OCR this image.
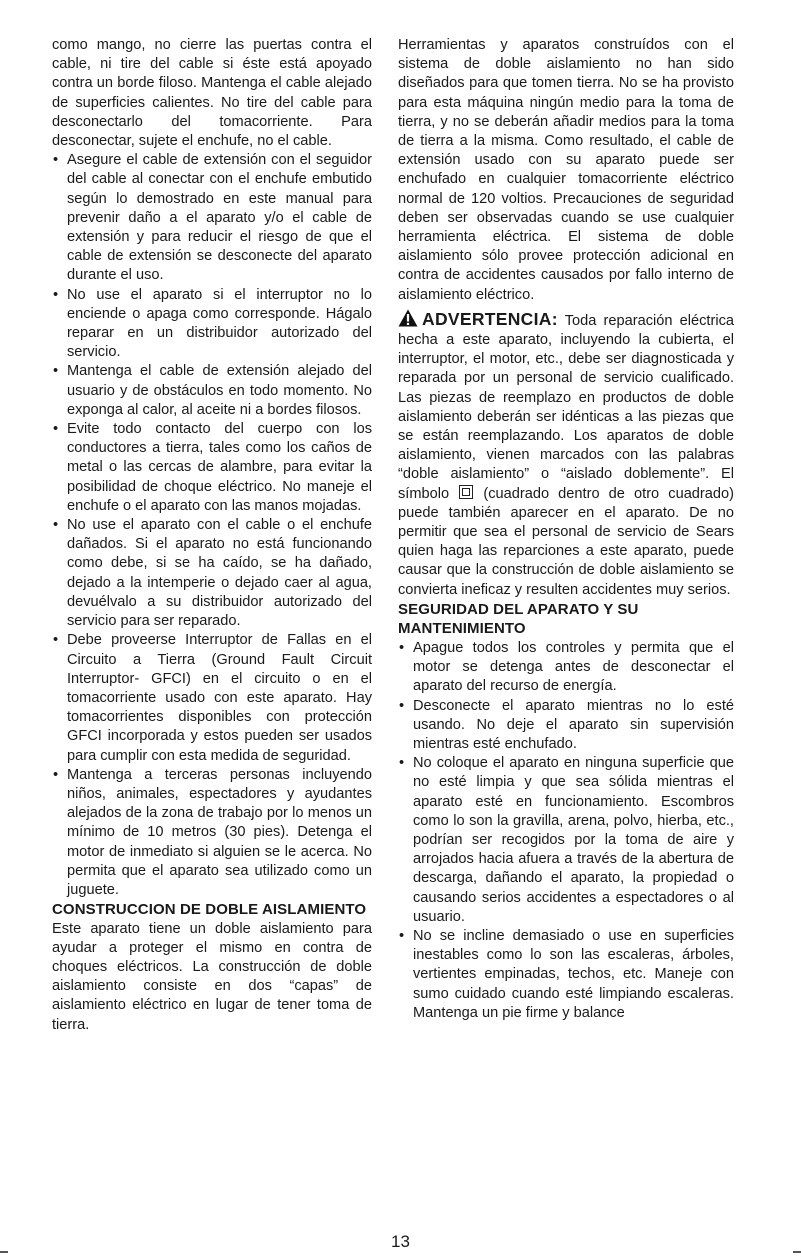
como mango, no cierre las puertas contra el cable, ni tire del cable si éste está apoyado contra un borde filoso. Mantenga el cable alejado de superficies calientes. No tire del cable para desconectarlo del tomacorriente. Para desconectar, sujete el enchufe, no el cable.

• Asegure el cable de extensión con el seguidor del cable al conectar con el enchufe embutido según lo demostrado en este manual para prevenir daño a el aparato y/o el cable de extensión y para reducir el riesgo de que el cable de extensión se desconecte del aparato durante el uso.
• No use el aparato si el interruptor no lo enciende o apaga como corresponde. Hágalo reparar en un distribuidor autorizado del servicio.
• Mantenga el cable de extensión alejado del usuario y de obstáculos en todo momento. No exponga al calor, al aceite ni a bordes filosos.
• Evite todo contacto del cuerpo con los conductores a tierra, tales como los caños de metal o las cercas de alambre, para evitar la posibilidad de choque eléctrico. No maneje el enchufe o el aparato con las manos mojadas.
• No use el aparato con el cable o el enchufe dañados. Si el aparato no está funcionando como debe, si se ha caído, se ha dañado, dejado a la intemperie o dejado caer al agua, devuélvalo a su distribuidor autorizado del servicio para ser reparado.
• Debe proveerse Interruptor de Fallas en el Circuito a Tierra (Ground Fault Circuit Interruptor- GFCI) en el circuito o en el tomacorriente usado con este aparato. Hay tomacorrientes disponibles con protección GFCI incorporada y estos pueden ser usados para cumplir con esta medida de seguridad.
• Mantenga a terceras personas incluyendo niños, animales, espectadores y ayudantes alejados de la zona de trabajo por lo menos un mínimo de 10 metros (30 pies). Detenga el motor de inmediato si alguien se le acerca. No permita que el aparato sea utilizado como un juguete.

CONSTRUCCION DE DOBLE AISLAMIENTO

Este aparato tiene un doble aislamiento para ayudar a proteger el mismo en contra de choques eléctricos. La construcción de doble aislamiento consiste en dos “capas” de aislamiento eléctrico en lugar de tener toma de tierra.

Herramientas y aparatos construídos con el sistema de doble aislamiento no han sido diseñados para que tomen tierra. No se ha provisto para esta máquina ningún medio para la toma de tierra, y no se deberán añadir medios para la toma de tierra a la misma. Como resultado, el cable de extensión usado con su aparato puede ser enchufado en cualquier tomacorriente eléctrico normal de 120 voltios. Precauciones de seguridad deben ser observadas cuando se use cualquier herramienta eléctrica. El sistema de doble aislamiento sólo provee protección adicional en contra de accidentes causados por fallo interno de aislamiento eléctrico.

ADVERTENCIA: Toda reparación eléctrica hecha a este aparato, incluyendo la cubierta, el interruptor, el motor, etc., debe ser diagnosticada y reparada por un personal de servicio cualificado. Las piezas de reemplazo en productos de doble aislamiento deberán ser idénticas a las piezas que se están reemplazando. Los aparatos de doble aislamiento, vienen marcados con las palabras “doble aislamiento” o “aislado doblemente”. El símbolo (cuadrado dentro de otro cuadrado) puede también aparecer en el aparato. De no permitir que sea el personal de servicio de Sears quien haga las reparciones a este aparato, puede causar que la construcción de doble aislamiento se convierta ineficaz y resulten accidentes muy serios.

SEGURIDAD DEL APARATO Y SU MANTENIMIENTO

• Apague todos los controles y permita que el motor se detenga antes de desconectar el aparato del recurso de energía.
• Desconecte el aparato mientras no lo esté usando. No deje el aparato sin supervisión mientras esté enchufado.
• No coloque el aparato en ninguna superficie que no esté limpia y que sea sólida mientras el aparato esté en funcionamiento. Escombros como lo son la gravilla, arena, polvo, hierba, etc., podrían ser recogidos por la toma de aire y arrojados hacia afuera a través de la abertura de descarga, dañando el aparato, la propiedad o causando serios accidentes a espectadores o al usuario.
• No se incline demasiado o use en superficies inestables como lo son las escaleras, árboles, vertientes empinadas, techos, etc. Maneje con sumo cuidado cuando esté limpiando escaleras. Mantenga un pie firme y balance
13
